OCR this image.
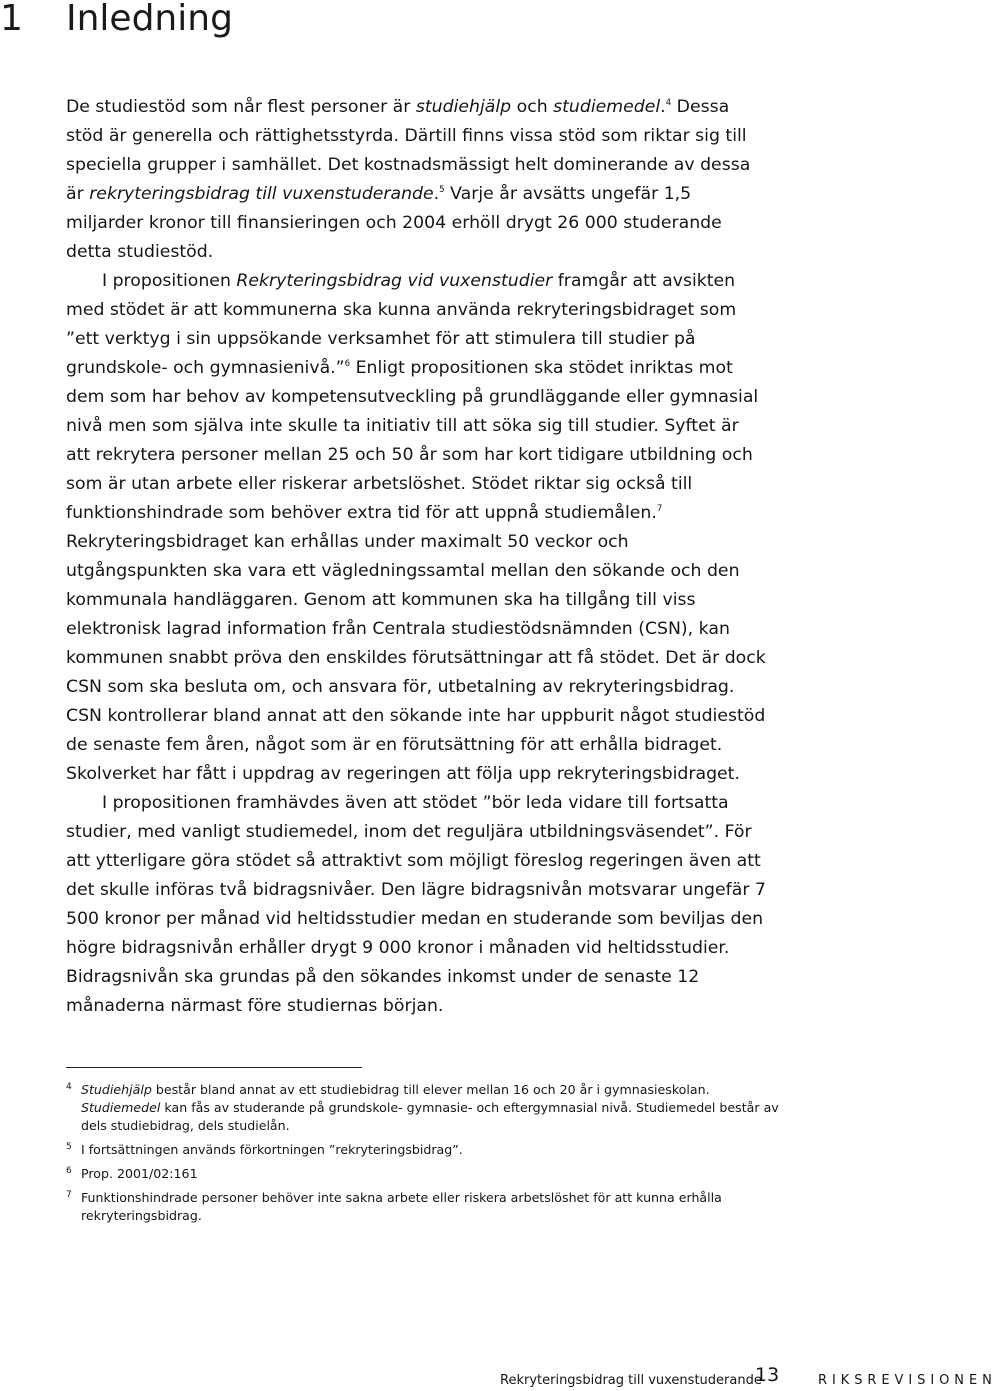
1 Inledning

De studiestöd som når flest personer är studiehjälp och studiemedel.$^4$ Dessa stöd är generella och rättighetsstyrda. Därtill finns vissa stöd som riktar sig till speciella grupper i samhället. Det kostnadsmässigt helt dominerande av dessa är rekryteringsbidrag till vuxenstuderande.$^5$ Varje år avsätts ungefär 1,5 miljarder kronor till finansieringen och 2004 erhöll drygt 26 000 studerande detta studiestöd.

I propositionen Rekryteringsbidrag vid vuxenstudier framgår att avsikten med stödet är att kommunerna ska kunna använda rekryteringsbidraget som ”ett verktyg i sin uppsökande verksamhet för att stimulera till studier på grundskole- och gymnasienivå.”$^6$ Enligt propositionen ska stödet inriktas mot dem som har behov av kompetensutveckling på grundläggande eller gymnasial nivå men som själva inte skulle ta initiativ till att söka sig till studier. Syftet är att rekrytera personer mellan 25 och 50 år som har kort tidigare utbildning och som är utan arbete eller riskerar arbetslöshet. Stödet riktar sig också till funktionshindrade som behöver extra tid för att uppnå studiemålen.$^7$ Rekryteringsbidraget kan erhållas under maximalt 50 veckor och utgångspunkten ska vara ett vägledningssamtal mellan den sökande och den kommunala handläggaren. Genom att kommunen ska ha tillgång till viss elektronisk lagrad information från Centrala studiestödsnämnden (CSN), kan kommunen snabbt pröva den enskildes förutsättningar att få stödet. Det är dock CSN som ska besluta om, och ansvara för, utbetalning av rekryteringsbidrag. CSN kontrollerar bland annat att den sökande inte har uppburit något studiestöd de senaste fem åren, något som är en förutsättning för att erhålla bidraget. Skolverket har fått i uppdrag av regeringen att följa upp rekryteringsbidraget.

I propositionen framhävdes även att stödet ”bör leda vidare till fortsatta studier, med vanligt studiemedel, inom det reguljära utbildningsväsendet”. För att ytterligare göra stödet så attraktivt som möjligt föreslog regeringen även att det skulle införas två bidragsnivåer. Den lägre bidragsnivån motsvarar ungefär 7 500 kronor per månad vid heltidsstudier medan en studerande som beviljas den högre bidragsnivån erhåller drygt 9 000 kronor i månaden vid heltidsstudier. Bidragsnivån ska grundas på den sökandes inkomst under de senaste 12 månaderna närmast före studiernas början.

4 Studiehjälp består bland annat av ett studiebidrag till elever mellan 16 och 20 år i gymnasieskolan. Studiemedel kan fås av studerande på grundskole- gymnasie- och eftergymnasial nivå. Studiemedel består av dels studiebidrag, dels studielån.
5 I fortsättningen används förkortningen ”rekryteringsbidrag”.
6 Prop. 2001/02:161
7 Funktionshindrade personer behöver inte sakna arbete eller riskera arbetslöshet för att kunna erhålla rekryteringsbidrag.
Rekryteringsbidrag till vuxenstuderande
13	RIKSREVISIONEN
